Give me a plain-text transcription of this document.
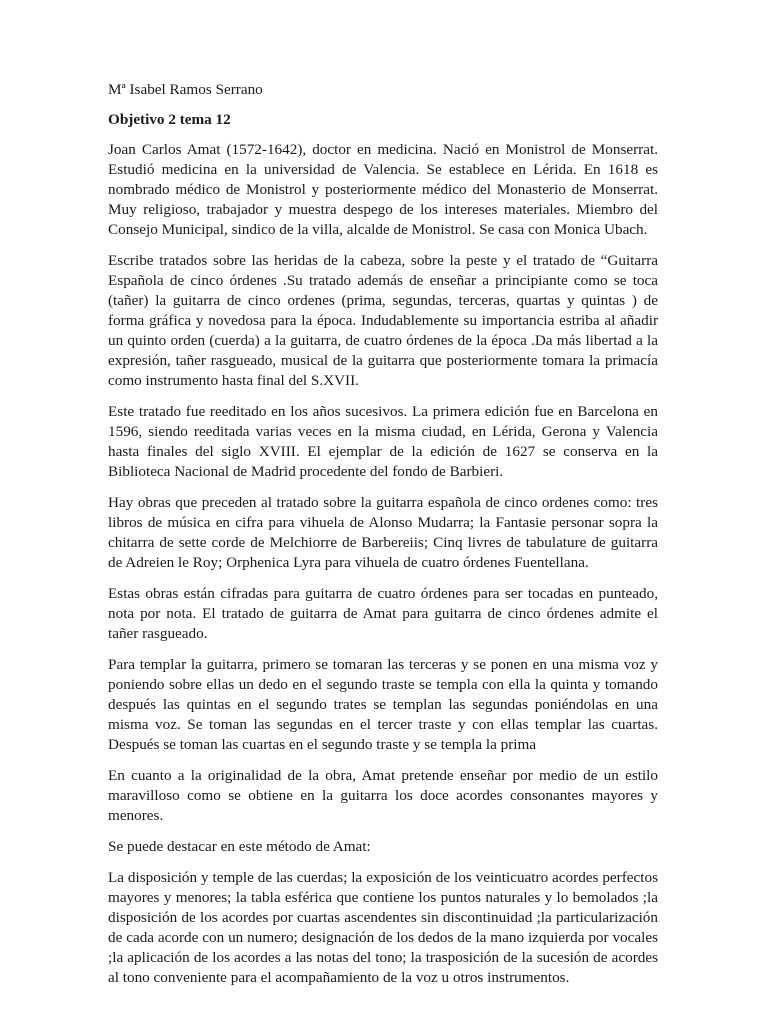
Mª Isabel Ramos Serrano

Objetivo 2 tema 12

Joan Carlos Amat (1572-1642), doctor en medicina. Nació en Monistrol de Monserrat. Estudió medicina en la universidad de Valencia. Se establece en Lérida. En 1618 es nombrado médico de Monistrol y posteriormente médico del Monasterio de Monserrat. Muy religioso, trabajador y muestra despego de los intereses materiales. Miembro del Consejo Municipal, sindico de la villa, alcalde de Monistrol. Se casa con Monica Ubach.

Escribe tratados sobre las heridas de la cabeza, sobre la peste y el tratado de “Guitarra Española de cinco órdenes .Su tratado además de enseñar a principiante como se toca (tañer) la guitarra de cinco ordenes (prima, segundas, terceras, quartas y quintas ) de forma gráfica y novedosa para la época. Indudablemente su importancia estriba al añadir un quinto orden (cuerda) a la guitarra, de cuatro órdenes de la época .Da más libertad a la expresión, tañer rasgueado, musical de la guitarra que posteriormente tomara la primacía como instrumento hasta final del S.XVII.

Este tratado fue reeditado en los años sucesivos. La primera edición fue en Barcelona en 1596, siendo reeditada varias veces en la misma ciudad, en Lérida, Gerona y Valencia hasta finales del siglo XVIII. El ejemplar de la edición de 1627 se conserva en la Biblioteca Nacional de Madrid procedente del fondo de Barbieri.

Hay obras que preceden al tratado sobre la guitarra española de cinco ordenes como: tres libros de música en cifra para vihuela de Alonso Mudarra; la Fantasie personar sopra la chitarra de sette corde de Melchiorre de Barbereiis; Cinq livres de tabulature de guitarra de Adreien le Roy; Orphenica Lyra para vihuela de cuatro órdenes Fuentellana.

Estas obras están cifradas para guitarra de cuatro órdenes para ser tocadas en punteado, nota por nota. El tratado de guitarra de Amat para guitarra de cinco órdenes admite el tañer rasgueado.

Para templar la guitarra, primero se tomaran las terceras y se ponen en una misma voz y poniendo sobre ellas un dedo en el segundo traste se templa con ella la quinta y tomando después las quintas en el segundo trates se templan las segundas poniéndolas en una misma voz. Se toman las segundas en el tercer traste y con ellas templar las cuartas. Después se toman las cuartas en el segundo traste y se templa la prima

En cuanto a la originalidad de la obra, Amat pretende enseñar por medio de un estilo maravilloso como se obtiene en la guitarra los doce acordes consonantes mayores y menores.

Se puede destacar en este método de Amat:

La disposición y temple de las cuerdas; la exposición de los veinticuatro acordes perfectos mayores y menores; la tabla esférica que contiene los puntos naturales y lo bemolados ;la disposición de los acordes por cuartas ascendentes sin discontinuidad ;la particularización de cada acorde con un numero; designación de los dedos de la mano izquierda por vocales ;la aplicación de los acordes a las notas del tono; la trasposición de la sucesión de acordes al tono conveniente para el acompañamiento de la voz u otros instrumentos.
